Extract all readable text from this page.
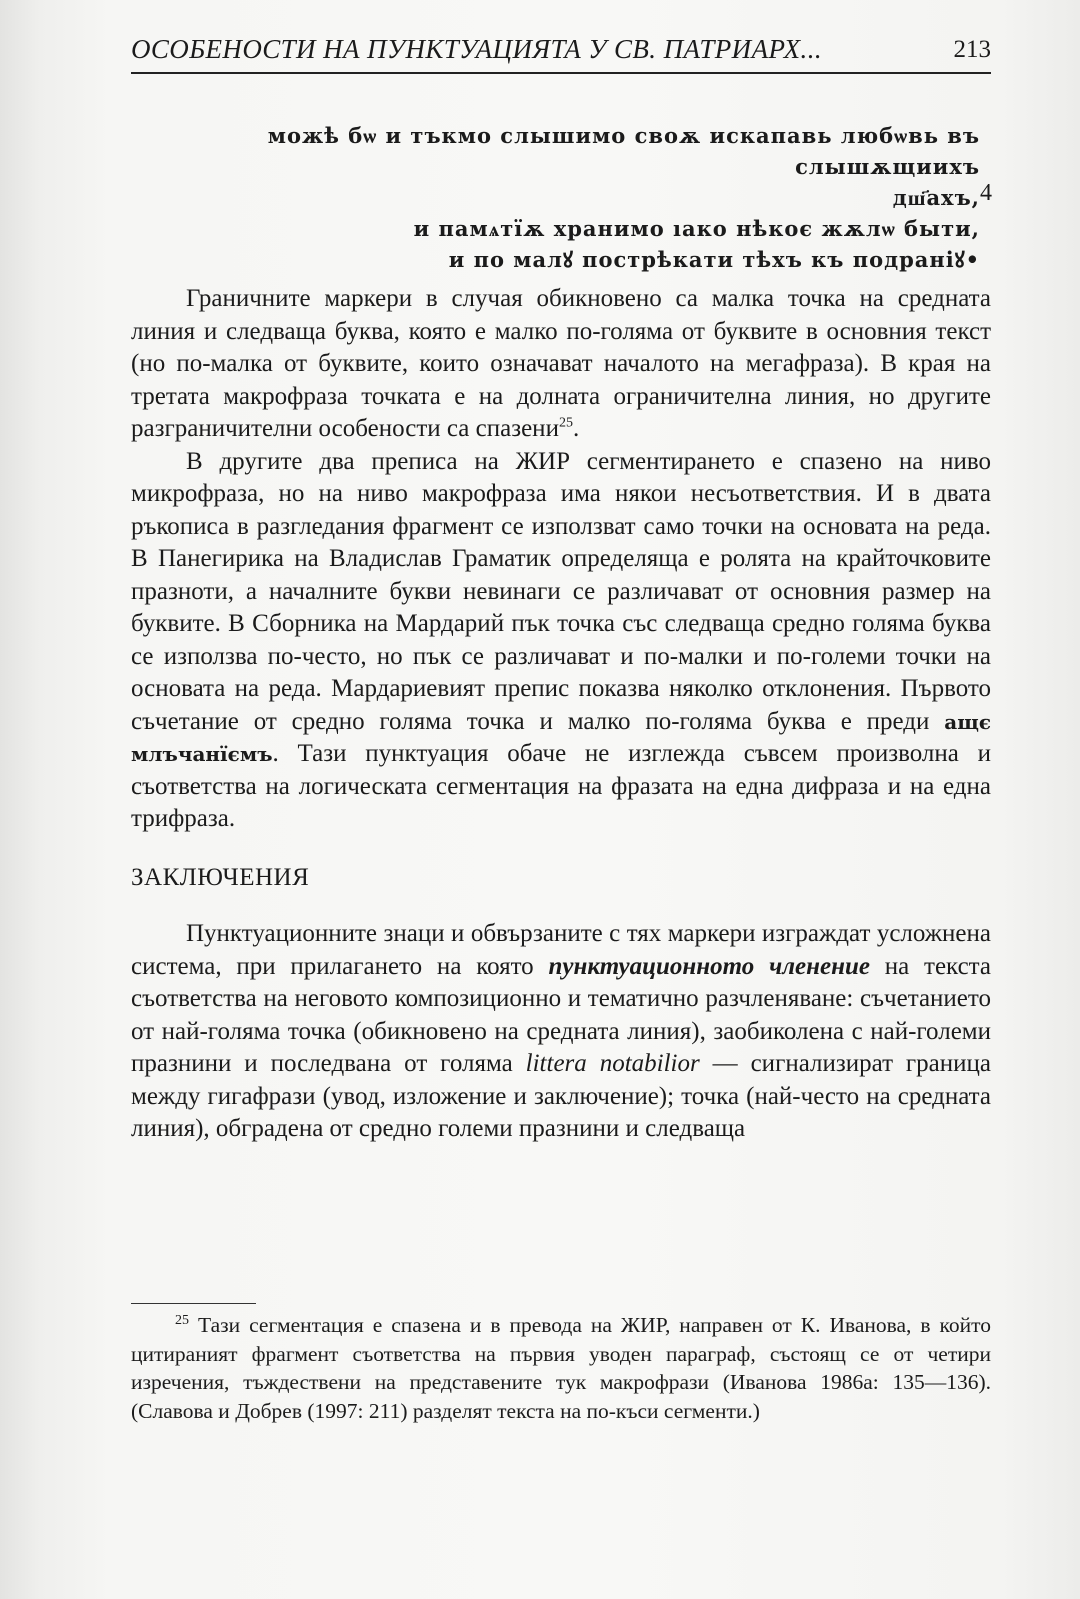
ОСОБЕНОСТИ НА ПУНКТУАЦИЯТА У СВ. ПАТРИАРХ...	213
можѣ бѡ и тъкмо слышимо своѫ искапавь любѡвь въ слышѫщиихъ
дш҃ахъ,
и памѧтїѫ хранимо ıако нѣкоє жѫлѡ быти,
и по малꙋ пострѣкати тѣхъ къ подраніꙋ•
4

Граничните маркери в случая обикновено са малка точка на средната линия и следваща буква, която е малко по-голяма от буквите в основния текст (но по-малка от буквите, които означават началото на мегафраза). В края на третата макрофраза точката е на долната ограничителна линия, но другите разграничителни особености са спазени$^{25}$.

В другите два преписа на ЖИР сегментирането е спазено на ниво микрофраза, но на ниво макрофраза има някои несъответствия. И в двата ръкописа в разгледания фрагмент се използват само точки на основата на реда. В Панегирика на Владислав Граматик определяща е ролята на крайточковите празноти, а началните букви невинаги се различават от основния размер на буквите. В Сборника на Мардарий пък точка със следваща средно голяма буква се използва по-често, но пък се различават и по-малки и по-големи точки на основата на реда. Мардариевият препис показва няколко отклонения. Първото съчетание от средно голяма точка и малко по-голяма буква е преди ащє млъчанїємъ. Тази пунктуация обаче не изглежда съвсем произволна и съответства на логическата сегментация на фразата на една дифраза и на една трифраза.

ЗАКЛЮЧЕНИЯ

Пунктуационните знаци и обвързаните с тях маркери изграждат усложнена система, при прилагането на която пунктуационното членение на текста съответства на неговото композиционно и тематично разчленяване: съчетанието от най-голяма точка (обикновено на средната линия), заобиколена с най-големи празнини и последвана от голяма littera notabilior — сигнализират граница между гигафрази (увод, изложение и заключение); точка (най-често на средната линия), обградена от средно големи празнини и следваща

$^{25}$ Тази сегментация е спазена и в превода на ЖИР, направен от К. Иванова, в който цитираният фрагмент съответства на първия уводен параграф, състоящ се от четири изречения, тъждествени на представените тук макрофрази (Иванова 1986а: 135—136). (Славова и Добрев (1997: 211) разделят текста на по-къси сегменти.)
